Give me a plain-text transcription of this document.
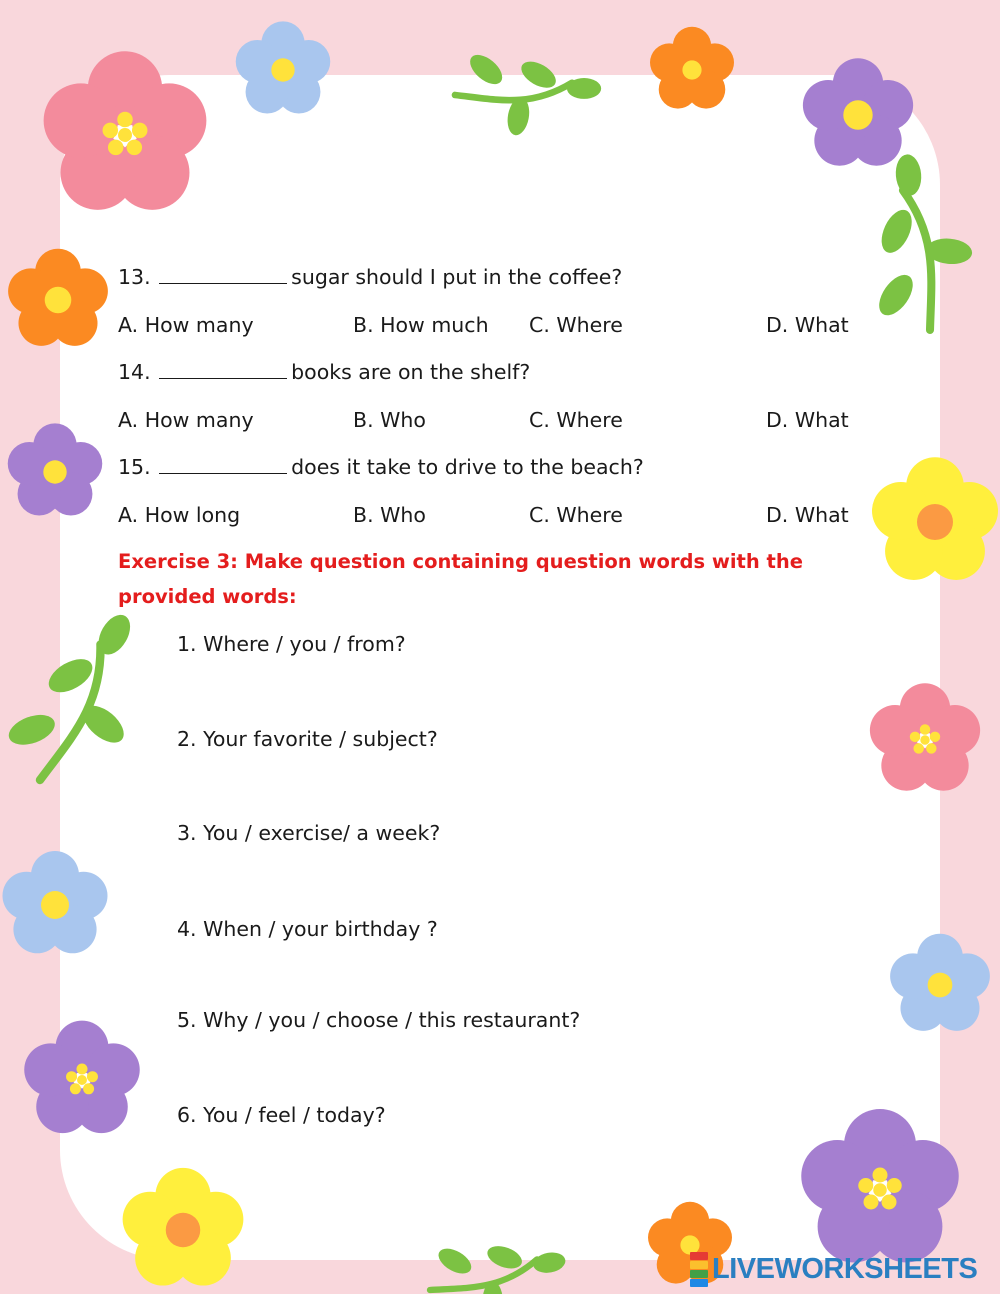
13.	sugar should I put in the coffee?

A. How many	B. How much C. Where	D. What

14.	books are on the shelf?

A. How many	B. Who	C. Where	D. What

15.	does it take to drive to the beach?

A. How long	B. Who	C. Where	D. What

Exercise 3: Make question containing question words with the provided words:

1. Where / you / from?

2. Your favorite / subject?

3. You / exercise/ a week?

4. When / your birthday ?

5. Why / you / choose / this restaurant?

6. You / feel / today?

LIVEWORKSHEETS
